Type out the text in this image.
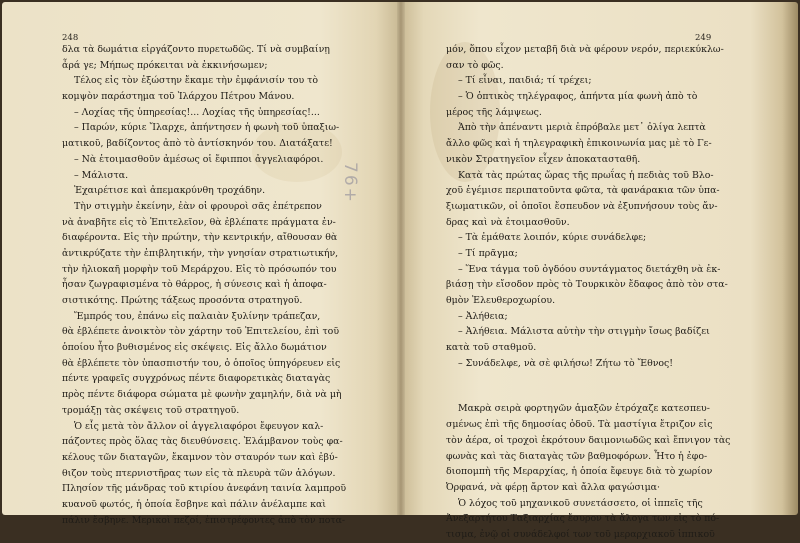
248
δλα τὰ δωμάτια εἰργάζοντο πυρετωδῶς. Τί νὰ συμβαίνῃ
ἆρά γε; Μήπως πρόκειται νὰ ἐκκινήσωμεν;
Τέλος εἰς τὸν ἐξώστην ἔκαμε τὴν ἐμφάνισίν του τὸ
κομψὸν παράστημα τοῦ Ἰλάρχου Πέτρου Μάνου.
– Λοχίας τῆς ὑπηρεσίας!... Λοχίας τῆς ὑπηρεσίας!...
– Παρών, κύριε Ἴλαρχε, ἀπήντησεν ἡ φωνὴ τοῦ ὑπαξιω-
ματικοῦ, βαδίζοντος ἀπὸ τὸ ἀντίσκηνόν του. Διατάξατε!
– Νὰ ἑτοιμασθοῦν ἀμέσως οἱ ἔφιπποι ἀγγελιαφόροι.
– Μάλιστα.
Ἐχαιρέτισε καὶ ἀπεμακρύνθη τροχάδην.
Τὴν στιγμὴν ἐκείνην, ἐὰν οἱ φρουροὶ σᾶς ἐπέτρεπον
νὰ ἀναβῆτε εἰς τὸ Ἐπιτελεῖον, θὰ ἐβλέπατε πράγματα ἐν-
διαφέροντα. Εἰς τὴν πρώτην, τὴν κεντρικήν, αἴθουσαν θὰ
ἀντικρύζατε τὴν ἐπιβλητικήν, τὴν γνησίαν στρατιωτικήν,
τὴν ἡλιοκαῆ μορφὴν τοῦ Μεράρχου. Εἰς τὸ πρόσωπόν του
ἦσαν ζωγραφισμένα τὸ θάρρος, ἡ σύνεσις καὶ ἡ ἀποφα-
σιστικότης. Πρώτης τάξεως προσόντα στρατηγοῦ.
Ἔμπρός του, ἐπάνω εἰς παλαιὰν ξυλίνην τράπεζαν,
θὰ ἐβλέπετε ἁνοικτὸν τὸν χάρτην τοῦ Ἐπιτελείου, ἐπὶ τοῦ
ὁποίου ἦτο βυθισμένος εἰς σκέψεις. Εἰς ἄλλο δωμάτιον
θὰ ἐβλέπετε τὸν ὑπασπιστήν του, ὁ ὁποῖος ὑπηγόρευεν εἰς
πέντε γραφεῖς συγχρόνως πέντε διαφορετικὰς διαταγὰς
πρὸς πέντε διάφορα σώματα μὲ φωνὴν χαμηλήν, διὰ νὰ μὴ
τρομάξῃ τὰς σκέψεις τοῦ στρατηγοῦ.
Ὁ εἷς μετὰ τὸν ἄλλον οἱ ἀγγελιαφόροι ἔφευγον καλ-
πάζοντες πρὸς ὅλας τὰς διευθύνσεις. Ἐλάμβανον τοὺς φα-
κέλους τῶν διαταγῶν, ἔκαμνον τὸν σταυρόν των καὶ ἐβύ-
θιζον τοὺς πτερνιστῆρας των εἰς τὰ πλευρὰ τῶν ἀλόγων.
Πλησίον τῆς μάνδρας τοῦ κτιρίου ἀνεφάνη ταινία λαμπροῦ
κυανοῦ φωτός, ἡ ὁποία ἔσβηνε καὶ πάλιν ἀνέλαμπε καὶ
πάλιν ἔσβηνε. Μερικοὶ πεζοί, ἐπιστρέφοντες ἀπὸ τὸν ποτα-
249
μόν, ὅπου εἶχον μεταβῆ διὰ νὰ φέρουν νερόν, περιεκύκλω-
σαν τὸ φῶς.
– Τί εἶναι, παιδιά; τί τρέχει;
– Ὁ ὀπτικὸς τηλέγραφος, ἀπήντα μία φωνὴ ἀπὸ τὸ
μέρος τῆς λάμψεως.
Ἀπὸ τὴν ἀπέναντι μεριὰ ἐπρόβαλε μετ᾽ ὀλίγα λεπτὰ
ἄλλο φῶς καὶ ἡ τηλεγραφικὴ ἐπικοινωνία μας μὲ τὸ Γε-
νικὸν Στρατηγεῖον εἶχεν ἀποκατασταθῆ.
Κατὰ τὰς πρώτας ὥρας τῆς πρωΐας ἡ πεδιὰς τοῦ Βλο-
χοῦ ἐγέμισε περιπατοῦντα φῶτα, τὰ φανάρακια τῶν ὑπα-
ξιωματικῶν, οἱ ὁποῖοι ἔσπευδον νὰ ἐξυπνήσουν τοὺς ἄν-
δρας καὶ νὰ ἑτοιμασθοῦν.
– Τὰ ἐμάθατε λοιπόν, κύριε συνάδελφε;
– Τί πρᾶγμα;
– Ἕνα τάγμα τοῦ ὀγδόου συντάγματος διετάχθη νὰ ἐκ-
βιάσῃ τὴν εἴσοδον πρὸς τὸ Τουρκικὸν ἔδαφος ἀπὸ τὸν στα-
θμὸν Ἐλευθεροχωρίου.
– Ἀλήθεια;
– Ἀλήθεια. Μάλιστα αὐτὴν τὴν στιγμὴν ἴσως βαδίζει
κατὰ τοῦ σταθμοῦ.
– Συνάδελφε, νὰ σὲ φιλήσω! Ζήτω τὸ Ἔθνος!
Μακρὰ σειρὰ φορτηγῶν ἁμαξῶν ἐτρόχαζε κατεσπευ-
σμένως ἐπὶ τῆς δημοσίας ὁδοῦ. Τὰ μαστίγια ἔτριζον εἰς
τὸν ἀέρα, οἱ τροχοὶ ἐκρότουν δαιμονιωδῶς καὶ ἔπνιγον τὰς
φωνὰς καὶ τὰς διαταγὰς τῶν βαθμοφόρων. Ἦτο ἡ ἐφο-
διοπομπὴ τῆς Μεραρχίας, ἡ ὁποία ἔφευγε διὰ τὸ χωρίον
Ὀρφανά, νὰ φέρῃ ἄρτον καὶ ἄλλα φαγώσιμα·
Ὁ λόχος τοῦ μηχανικοῦ συνετάσσετο, οἱ ἱππεῖς τῆς
Ἀνεξαρτήτου Ταξιαρχίας ἔσυρον τὰ ἄλογα των εἰς τὸ πό-
τισμα, ἐνῷ οἱ συνάδελφοί των τοῦ μεραρχιακοῦ ἱππικοῦ
76+
